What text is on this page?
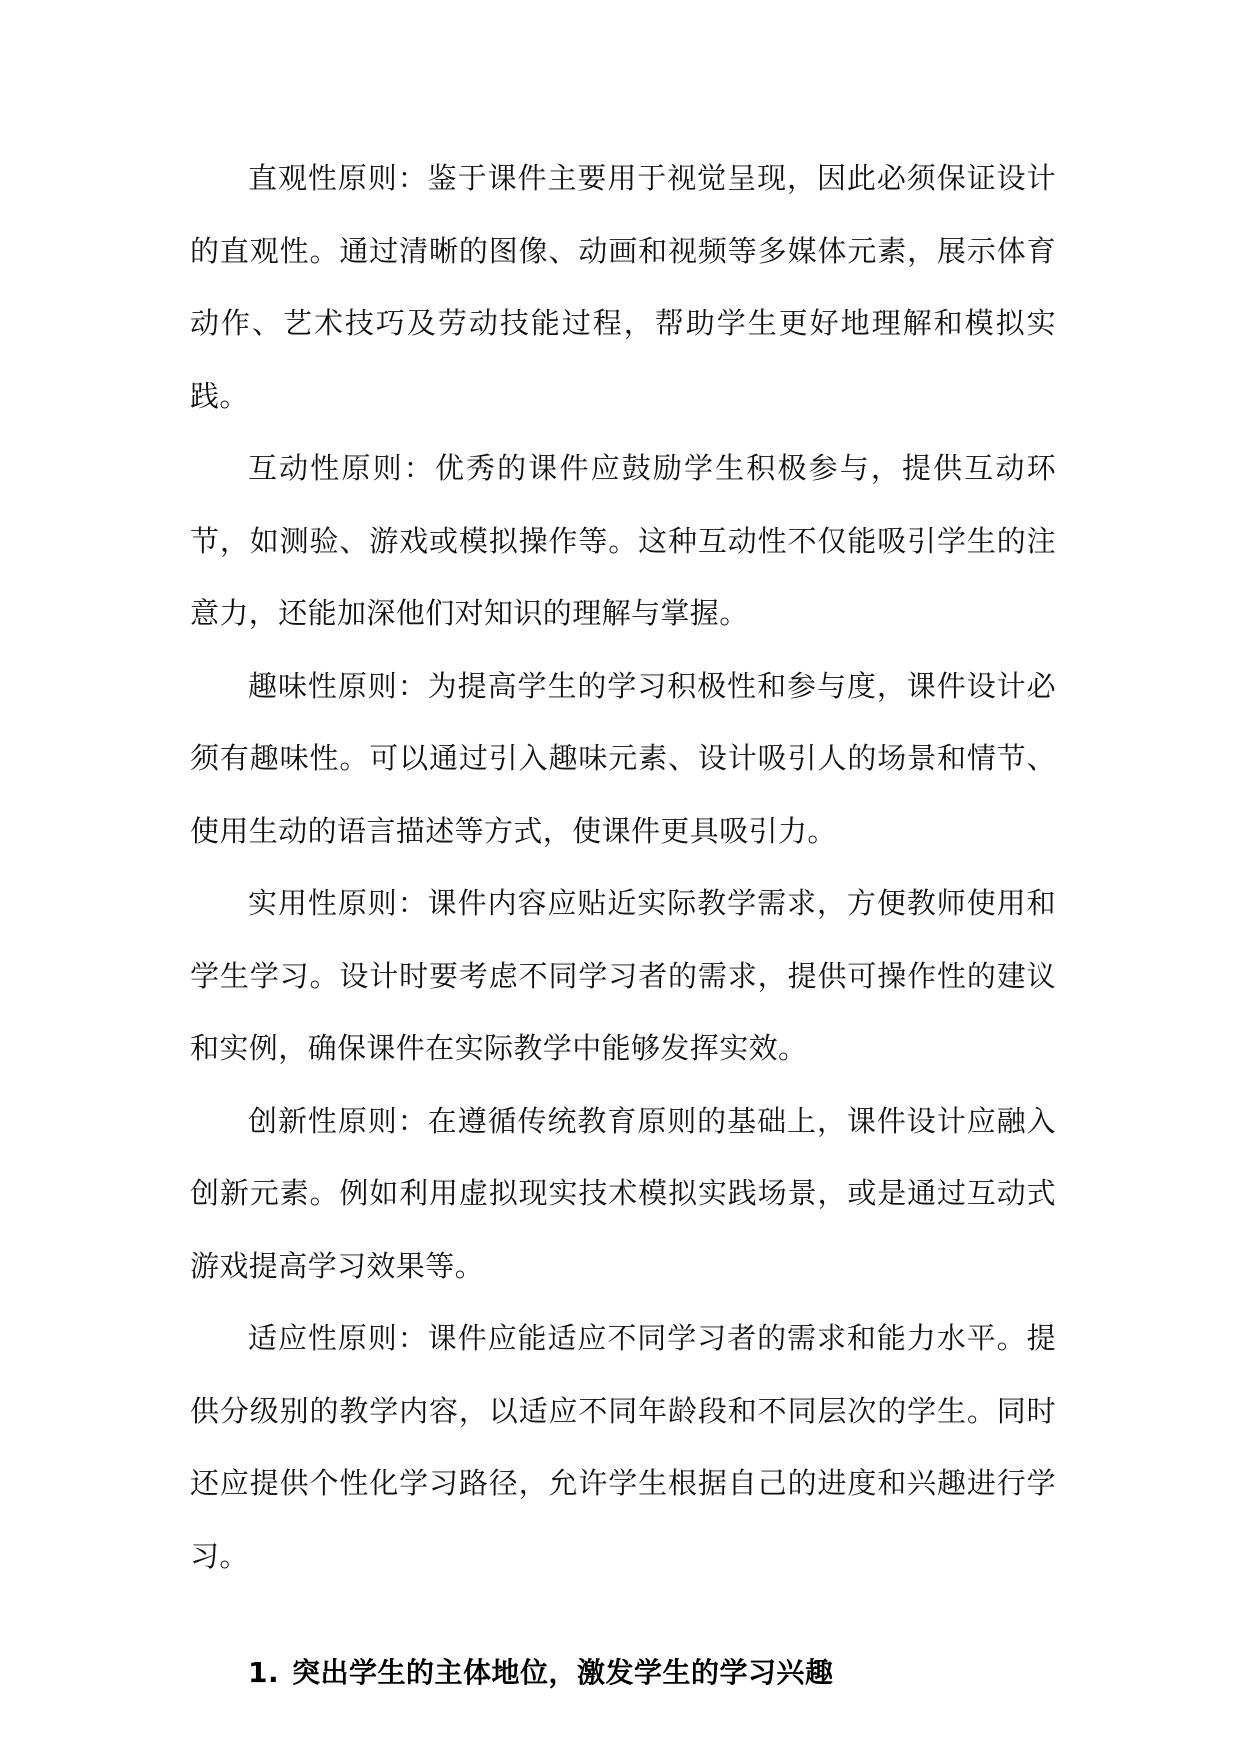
直观性原则：鉴于课件主要用于视觉呈现，因此必须保证设计的直观性。通过清晰的图像、动画和视频等多媒体元素，展示体育动作、艺术技巧及劳动技能过程，帮助学生更好地理解和模拟实践。

互动性原则：优秀的课件应鼓励学生积极参与，提供互动环节，如测验、游戏或模拟操作等。这种互动性不仅能吸引学生的注意力，还能加深他们对知识的理解与掌握。

趣味性原则：为提高学生的学习积极性和参与度，课件设计必须有趣味性。可以通过引入趣味元素、设计吸引人的场景和情节、使用生动的语言描述等方式，使课件更具吸引力。

实用性原则：课件内容应贴近实际教学需求，方便教师使用和学生学习。设计时要考虑不同学习者的需求，提供可操作性的建议和实例，确保课件在实际教学中能够发挥实效。

创新性原则：在遵循传统教育原则的基础上，课件设计应融入创新元素。例如利用虚拟现实技术模拟实践场景，或是通过互动式游戏提高学习效果等。

适应性原则：课件应能适应不同学习者的需求和能力水平。提供分级别的教学内容，以适应不同年龄段和不同层次的学生。同时还应提供个性化学习路径，允许学生根据自己的进度和兴趣进行学习。

1. 突出学生的主体地位，激发学生的学习兴趣
